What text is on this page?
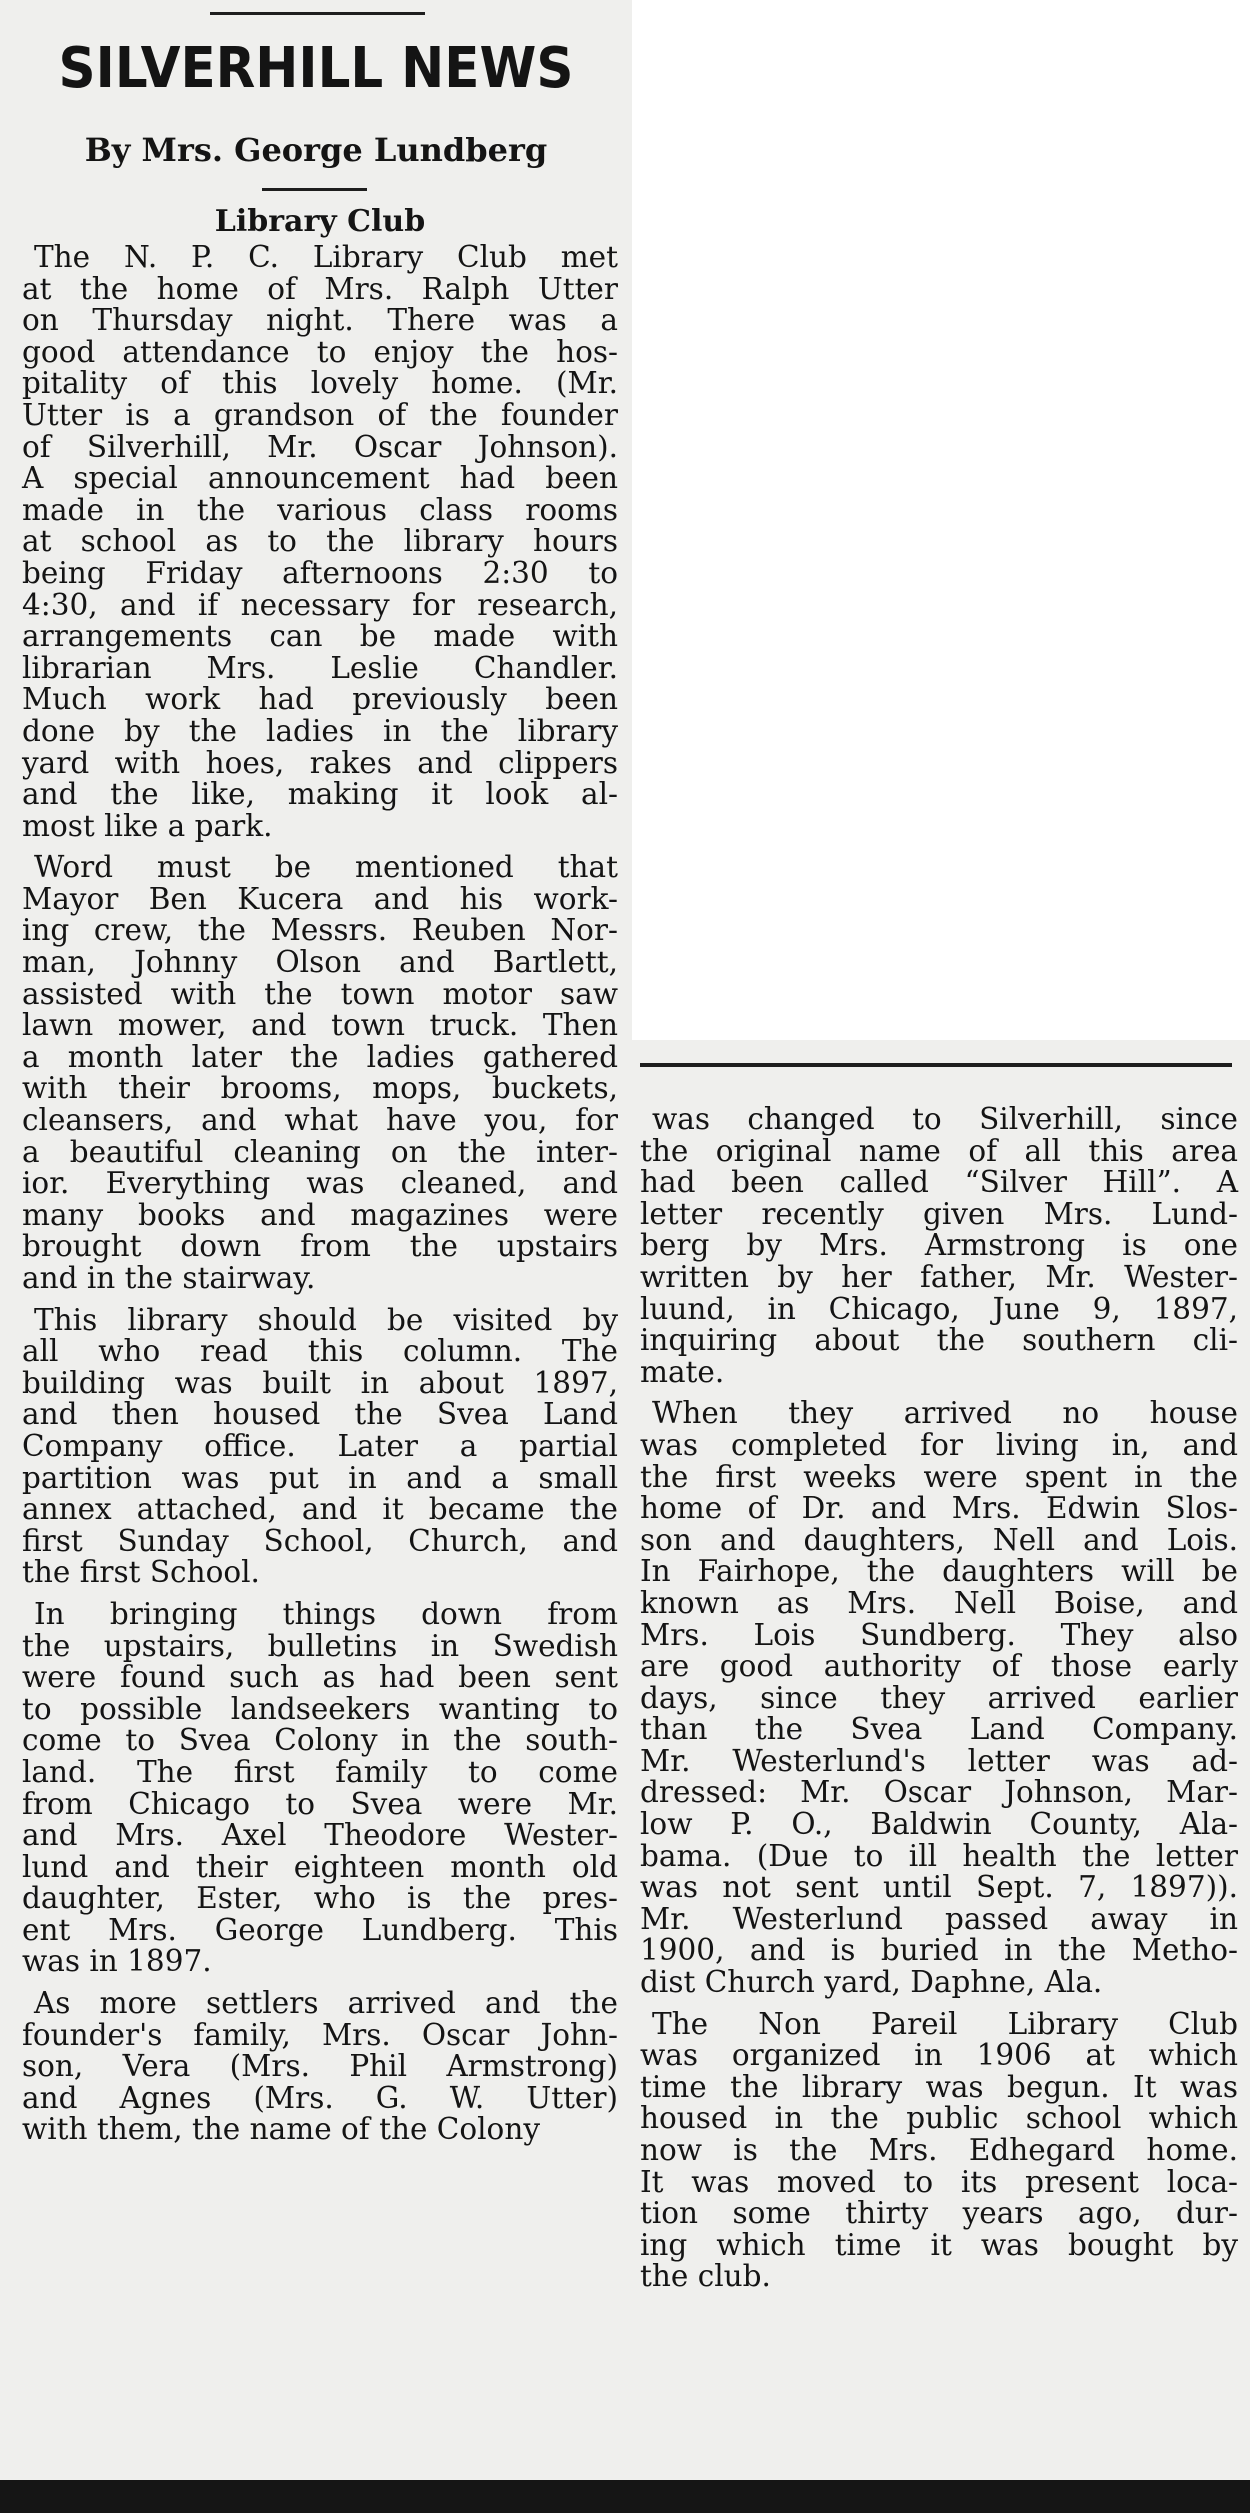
SILVERHILL NEWS
By Mrs. George Lundberg
Library Club
The N. P. C. Library Club met
at the home of Mrs. Ralph Utter
on Thursday night. There was a
good attendance to enjoy the hos-
pitality of this lovely home. (Mr.
Utter is a grandson of the founder
of Silverhill, Mr. Oscar Johnson).
A special announcement had been
made in the various class rooms
at school as to the library hours
being Friday afternoons 2:30 to
4:30, and if necessary for research,
arrangements can be made with
librarian Mrs. Leslie Chandler.
Much work had previously been
done by the ladies in the library
yard with hoes, rakes and clippers
and the like, making it look al-
most like a park.
Word must be mentioned that
Mayor Ben Kucera and his work-
ing crew, the Messrs. Reuben Nor-
man, Johnny Olson and Bartlett,
assisted with the town motor saw
lawn mower, and town truck. Then
a month later the ladies gathered
with their brooms, mops, buckets,
cleansers, and what have you, for
a beautiful cleaning on the inter-
ior. Everything was cleaned, and
many books and magazines were
brought down from the upstairs
and in the stairway.
This library should be visited by
all who read this column. The
building was built in about 1897,
and then housed the Svea Land
Company office. Later a partial
partition was put in and a small
annex attached, and it became the
first Sunday School, Church, and
the first School.
In bringing things down from
the upstairs, bulletins in Swedish
were found such as had been sent
to possible landseekers wanting to
come to Svea Colony in the south-
land. The first family to come
from Chicago to Svea were Mr.
and Mrs. Axel Theodore Wester-
lund and their eighteen month old
daughter, Ester, who is the pres-
ent Mrs. George Lundberg. This
was in 1897.
As more settlers arrived and the
founder's family, Mrs. Oscar John-
son, Vera (Mrs. Phil Armstrong)
and Agnes (Mrs. G. W. Utter)
with them, the name of the Colony
was changed to Silverhill, since
the original name of all this area
had been called “Silver Hill”. A
letter recently given Mrs. Lund-
berg by Mrs. Armstrong is one
written by her father, Mr. Wester-
luund, in Chicago, June 9, 1897,
inquiring about the southern cli-
mate.
When they arrived no house
was completed for living in, and
the first weeks were spent in the
home of Dr. and Mrs. Edwin Slos-
son and daughters, Nell and Lois.
In Fairhope, the daughters will be
known as Mrs. Nell Boise, and
Mrs. Lois Sundberg. They also
are good authority of those early
days, since they arrived earlier
than the Svea Land Company.
Mr. Westerlund's letter was ad-
dressed: Mr. Oscar Johnson, Mar-
low P. O., Baldwin County, Ala-
bama. (Due to ill health the letter
was not sent until Sept. 7, 1897)).
Mr. Westerlund passed away in
1900, and is buried in the Metho-
dist Church yard, Daphne, Ala.
The Non Pareil Library Club
was organized in 1906 at which
time the library was begun. It was
housed in the public school which
now is the Mrs. Edhegard home.
It was moved to its present loca-
tion some thirty years ago, dur-
ing which time it was bought by
the club.
